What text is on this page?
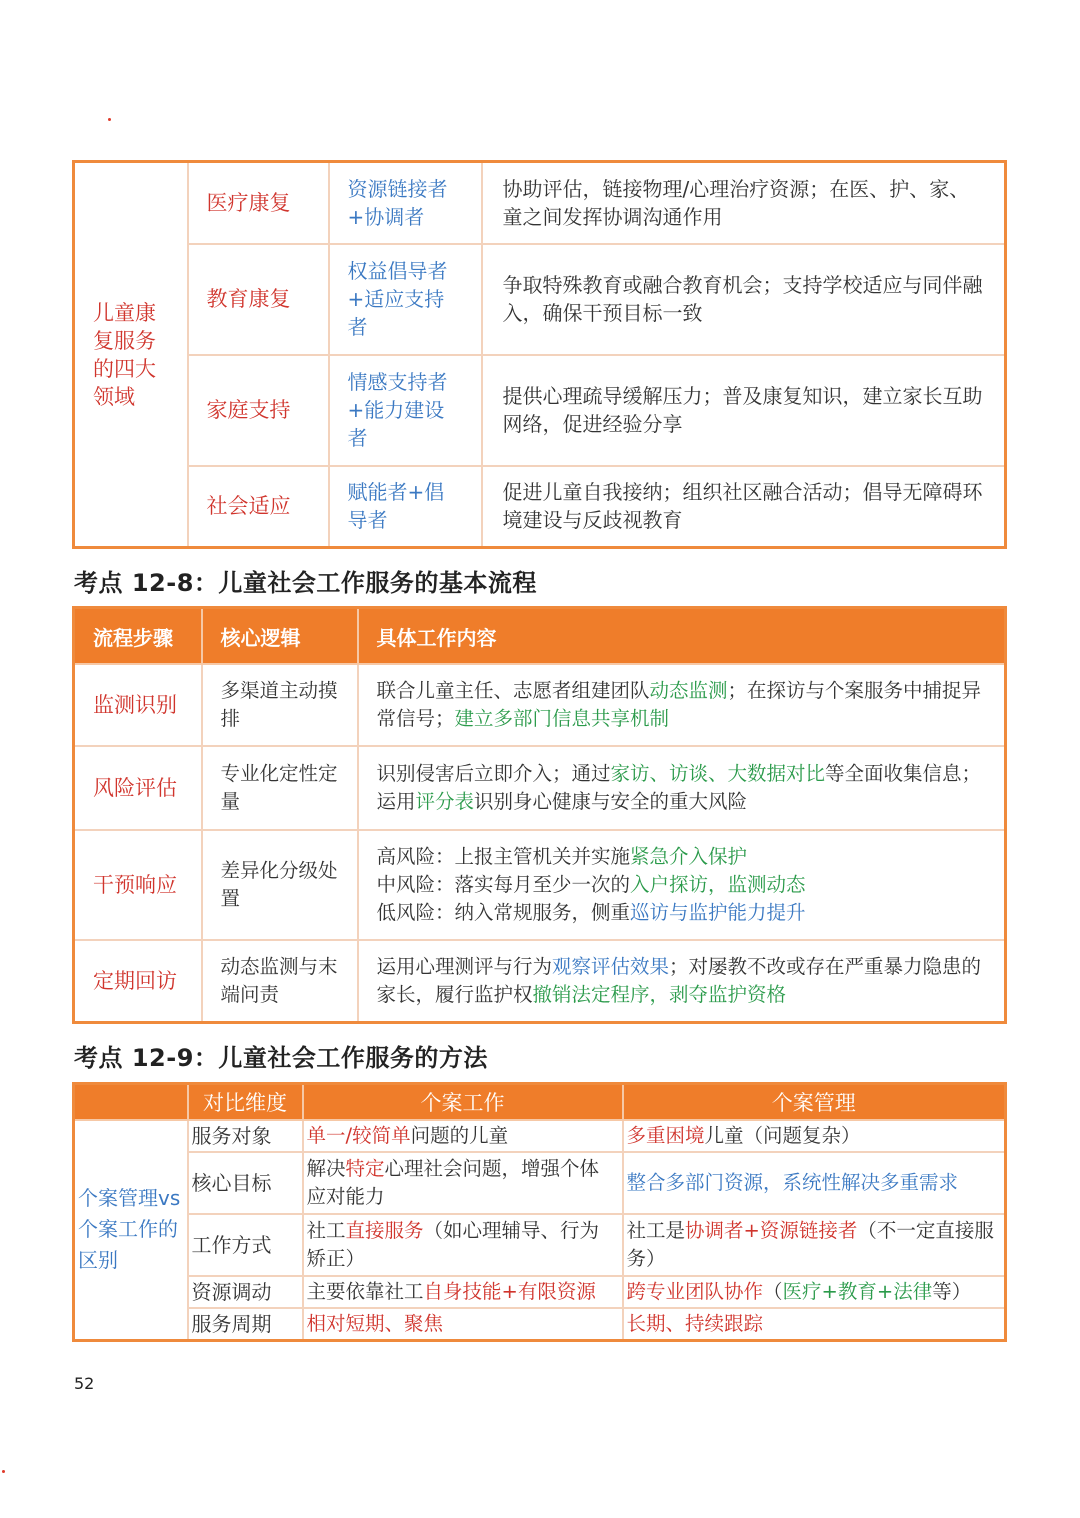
儿童康复服务的四大领域	医疗康复	资源链接者+协调者	协助评估，链接物理/心理治疗资源；在医、护、家、童之间发挥协调沟通作用
	教育康复	权益倡导者+适应支持者	争取特殊教育或融合教育机会；支持学校适应与同伴融入，确保干预目标一致
	家庭支持	情感支持者+能力建设者	提供心理疏导缓解压力；普及康复知识，建立家长互助网络，促进经验分享
	社会适应	赋能者+倡导者	促进儿童自我接纳；组织社区融合活动；倡导无障碍环境建设与反歧视教育
考点 12-8：儿童社会工作服务的基本流程
流程步骤	核心逻辑	具体工作内容
监测识别	多渠道主动摸排	联合儿童主任、志愿者组建团队动态监测；在探访与个案服务中捕捉异常信号；建立多部门信息共享机制
风险评估	专业化定性定量	识别侵害后立即介入；通过家访、访谈、大数据对比等全面收集信息；运用评分表识别身心健康与安全的重大风险
干预响应	差异化分级处置	高风险：上报主管机关并实施紧急介入保护
中风险：落实每月至少一次的入户探访，监测动态
低风险：纳入常规服务，侧重巡访与监护能力提升

定期回访	动态监测与末端问责	运用心理测评与行为观察评估效果；对屡教不改或存在严重暴力隐患的家长，履行监护权撤销法定程序，剥夺监护资格
考点 12-9：儿童社会工作服务的方法
	对比维度	个案工作	个案管理
个案管理vs个案工作的区别	服务对象	单一/较简单问题的儿童	多重困境儿童（问题复杂）
	核心目标	解决特定心理社会问题，增强个体应对能力	整合多部门资源，系统性解决多重需求
	工作方式	社工直接服务（如心理辅导、行为矫正）	社工是协调者+资源链接者（不一定直接服务）
	资源调动	主要依靠社工自身技能+有限资源	跨专业团队协作（医疗+教育+法律等）
	服务周期	相对短期、聚焦	长期、持续跟踪
52
